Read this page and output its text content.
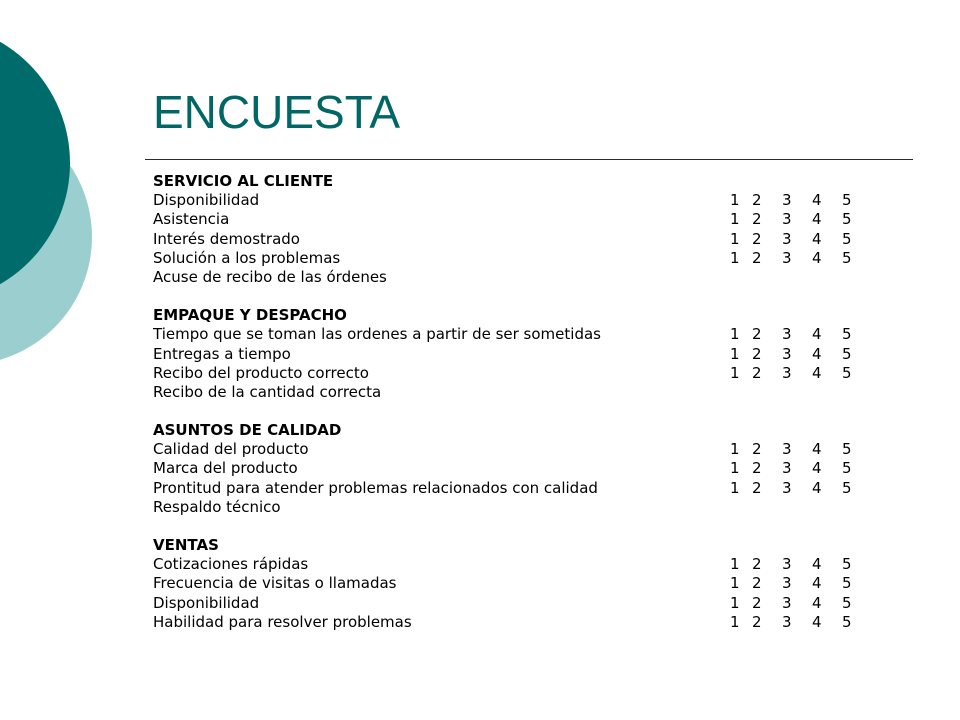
ENCUESTA
SERVICIO AL CLIENTE
Disponibilidad	1 2 3 4 5
Asistencia	1 2 3 4 5
Interés demostrado	1 2 3 4 5
Solución a los problemas	1 2 3 4 5
Acuse de recibo de las órdenes
EMPAQUE Y DESPACHO
Tiempo que se toman las ordenes a partir de ser sometidas	1 2 3 4 5
Entregas a tiempo	1 2 3 4 5
Recibo del producto correcto	1 2 3 4 5
Recibo de la cantidad correcta
ASUNTOS DE CALIDAD
Calidad del producto	1 2 3 4 5
Marca del producto	1 2 3 4 5
Prontitud para atender problemas relacionados con calidad	1 2 3 4 5
Respaldo técnico
VENTAS
Cotizaciones rápidas	1 2 3 4 5
Frecuencia de visitas o llamadas	1 2 3 4 5
Disponibilidad	1 2 3 4 5
Habilidad para resolver problemas	1 2 3 4 5
